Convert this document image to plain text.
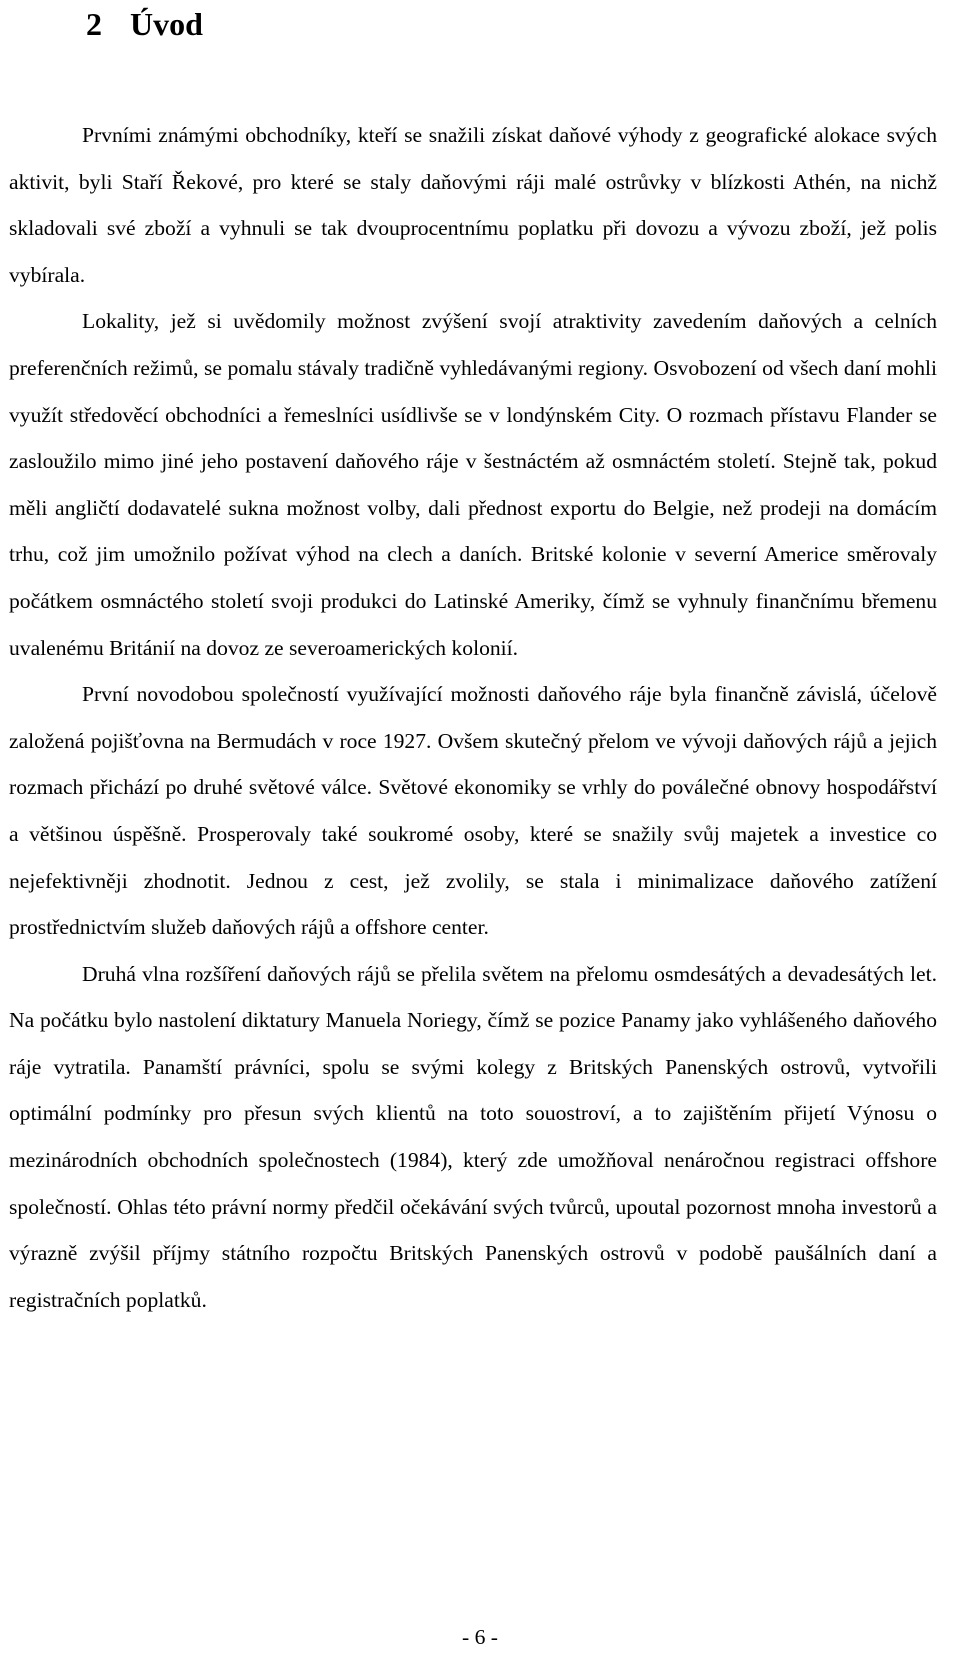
2 Úvod

Prvními známými obchodníky, kteří se snažili získat daňové výhody z geografické alokace svých aktivit, byli Staří Řekové, pro které se staly daňovými ráji malé ostrůvky v blízkosti Athén, na nichž skladovali své zboží a vyhnuli se tak dvouprocentnímu poplatku při dovozu a vývozu zboží, jež polis vybírala.

Lokality, jež si uvědomily možnost zvýšení svojí atraktivity zavedením daňových a celních preferenčních režimů, se pomalu stávaly tradičně vyhledávanými regiony. Osvobození od všech daní mohli využít středověcí obchodníci a řemeslníci usídlivše se v londýnském City. O rozmach přístavu Flander se zasloužilo mimo jiné jeho postavení daňového ráje v šestnáctém až osmnáctém století. Stejně tak, pokud měli angličtí dodavatelé sukna možnost volby, dali přednost exportu do Belgie, než prodeji na domácím trhu, což jim umožnilo požívat výhod na clech a daních. Britské kolonie v severní Americe směrovaly počátkem osmnáctého století svoji produkci do Latinské Ameriky, čímž se vyhnuly finančnímu břemenu uvalenému Británií na dovoz ze severoamerických kolonií.

První novodobou společností využívající možnosti daňového ráje byla finančně závislá, účelově založená pojišťovna na Bermudách v roce 1927. Ovšem skutečný přelom ve vývoji daňových rájů a jejich rozmach přichází po druhé světové válce. Světové ekonomiky se vrhly do poválečné obnovy hospodářství a většinou úspěšně. Prosperovaly také soukromé osoby, které se snažily svůj majetek a investice co nejefektivněji zhodnotit. Jednou z cest, jež zvolily, se stala i minimalizace daňového zatížení prostřednictvím služeb daňových rájů a offshore center.

Druhá vlna rozšíření daňových rájů se přelila světem na přelomu osmdesátých a devadesátých let. Na počátku bylo nastolení diktatury Manuela Noriegy, čímž se pozice Panamy jako vyhlášeného daňového ráje vytratila. Panamští právníci, spolu se svými kolegy z Britských Panenských ostrovů, vytvořili optimální podmínky pro přesun svých klientů na toto souostroví, a to zajištěním přijetí Výnosu o mezinárodních obchodních společnostech (1984), který zde umožňoval nenáročnou registraci offshore společností. Ohlas této právní normy předčil očekávání svých tvůrců, upoutal pozornost mnoha investorů a výrazně zvýšil příjmy státního rozpočtu Britských Panenských ostrovů v podobě paušálních daní a registračních poplatků.

- 6 -
